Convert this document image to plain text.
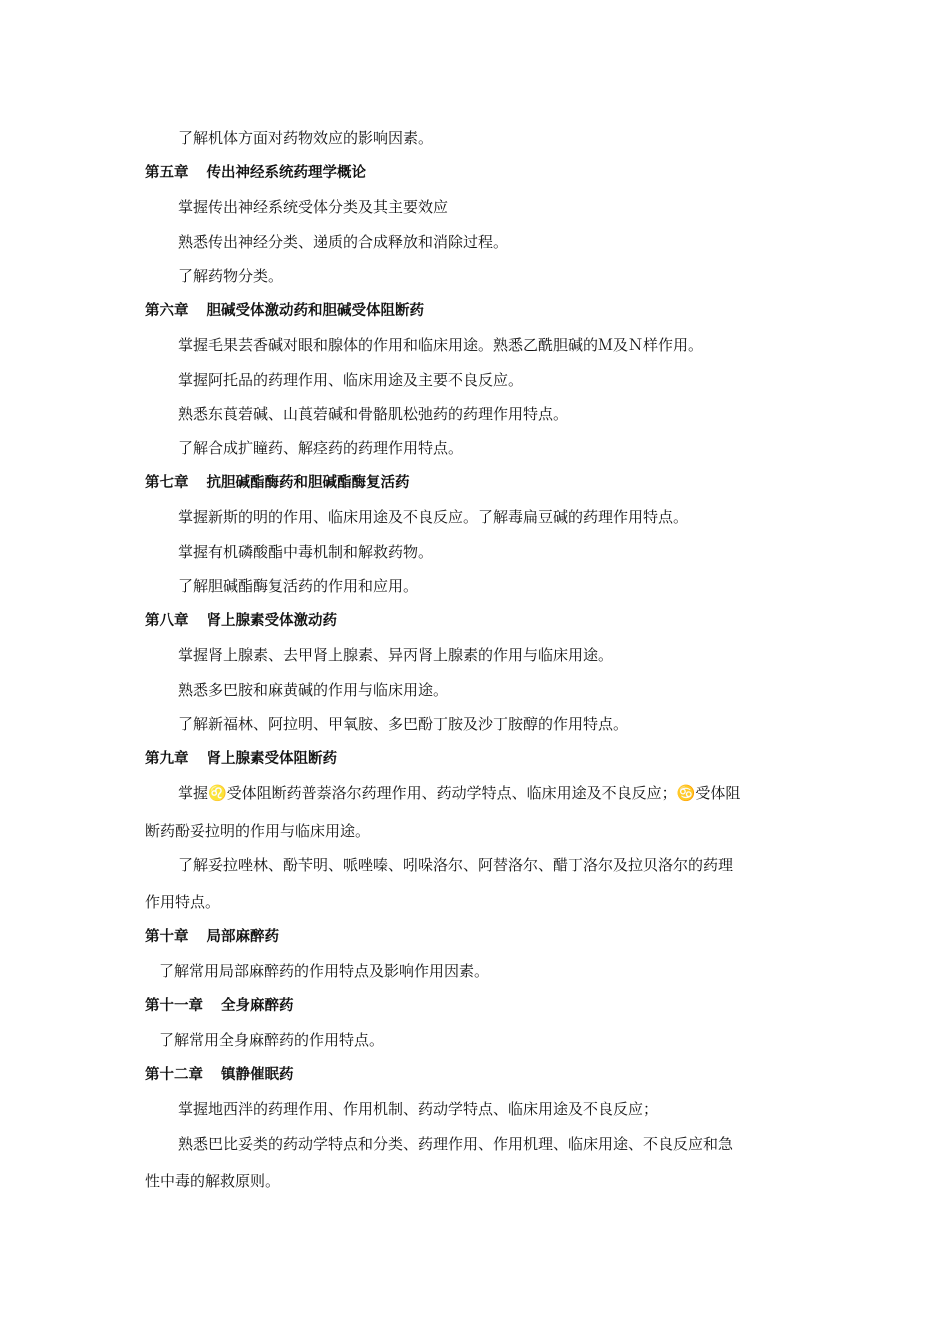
了解机体方面对药物效应的影响因素。
第五章 传出神经系统药理学概论
掌握传出神经系统受体分类及其主要效应
熟悉传出神经分类、递质的合成释放和消除过程。
了解药物分类。
第六章 胆碱受体激动药和胆碱受体阻断药
掌握毛果芸香碱对眼和腺体的作用和临床用途。熟悉乙酰胆碱的Ｍ及Ｎ样作用。
掌握阿托品的药理作用、临床用途及主要不良反应。
熟悉东莨菪碱、山莨菪碱和骨骼肌松弛药的药理作用特点。
了解合成扩瞳药、解痉药的药理作用特点。
第七章 抗胆碱酯酶药和胆碱酯酶复活药
掌握新斯的明的作用、临床用途及不良反应。了解毒扁豆碱的药理作用特点。
掌握有机磷酸酯中毒机制和解救药物。
了解胆碱酯酶复活药的作用和应用。
第八章 肾上腺素受体激动药
掌握肾上腺素、去甲肾上腺素、异丙肾上腺素的作用与临床用途。
熟悉多巴胺和麻黄碱的作用与临床用途。
了解新福林、阿拉明、甲氧胺、多巴酚丁胺及沙丁胺醇的作用特点。
第九章 肾上腺素受体阻断药
掌握♌受体阻断药普萘洛尔药理作用、药动学特点、临床用途及不良反应；♋受体阻
断药酚妥拉明的作用与临床用途。
了解妥拉唑林、酚苄明、哌唑嗪、吲哚洛尔、阿替洛尔、醋丁洛尔及拉贝洛尔的药理
作用特点。
第十章 局部麻醉药
了解常用局部麻醉药的作用特点及影响作用因素。
第十一章 全身麻醉药
了解常用全身麻醉药的作用特点。
第十二章 镇静催眠药
掌握地西泮的药理作用、作用机制、药动学特点、临床用途及不良反应；
熟悉巴比妥类的药动学特点和分类、药理作用、作用机理、临床用途、不良反应和急
性中毒的解救原则。
